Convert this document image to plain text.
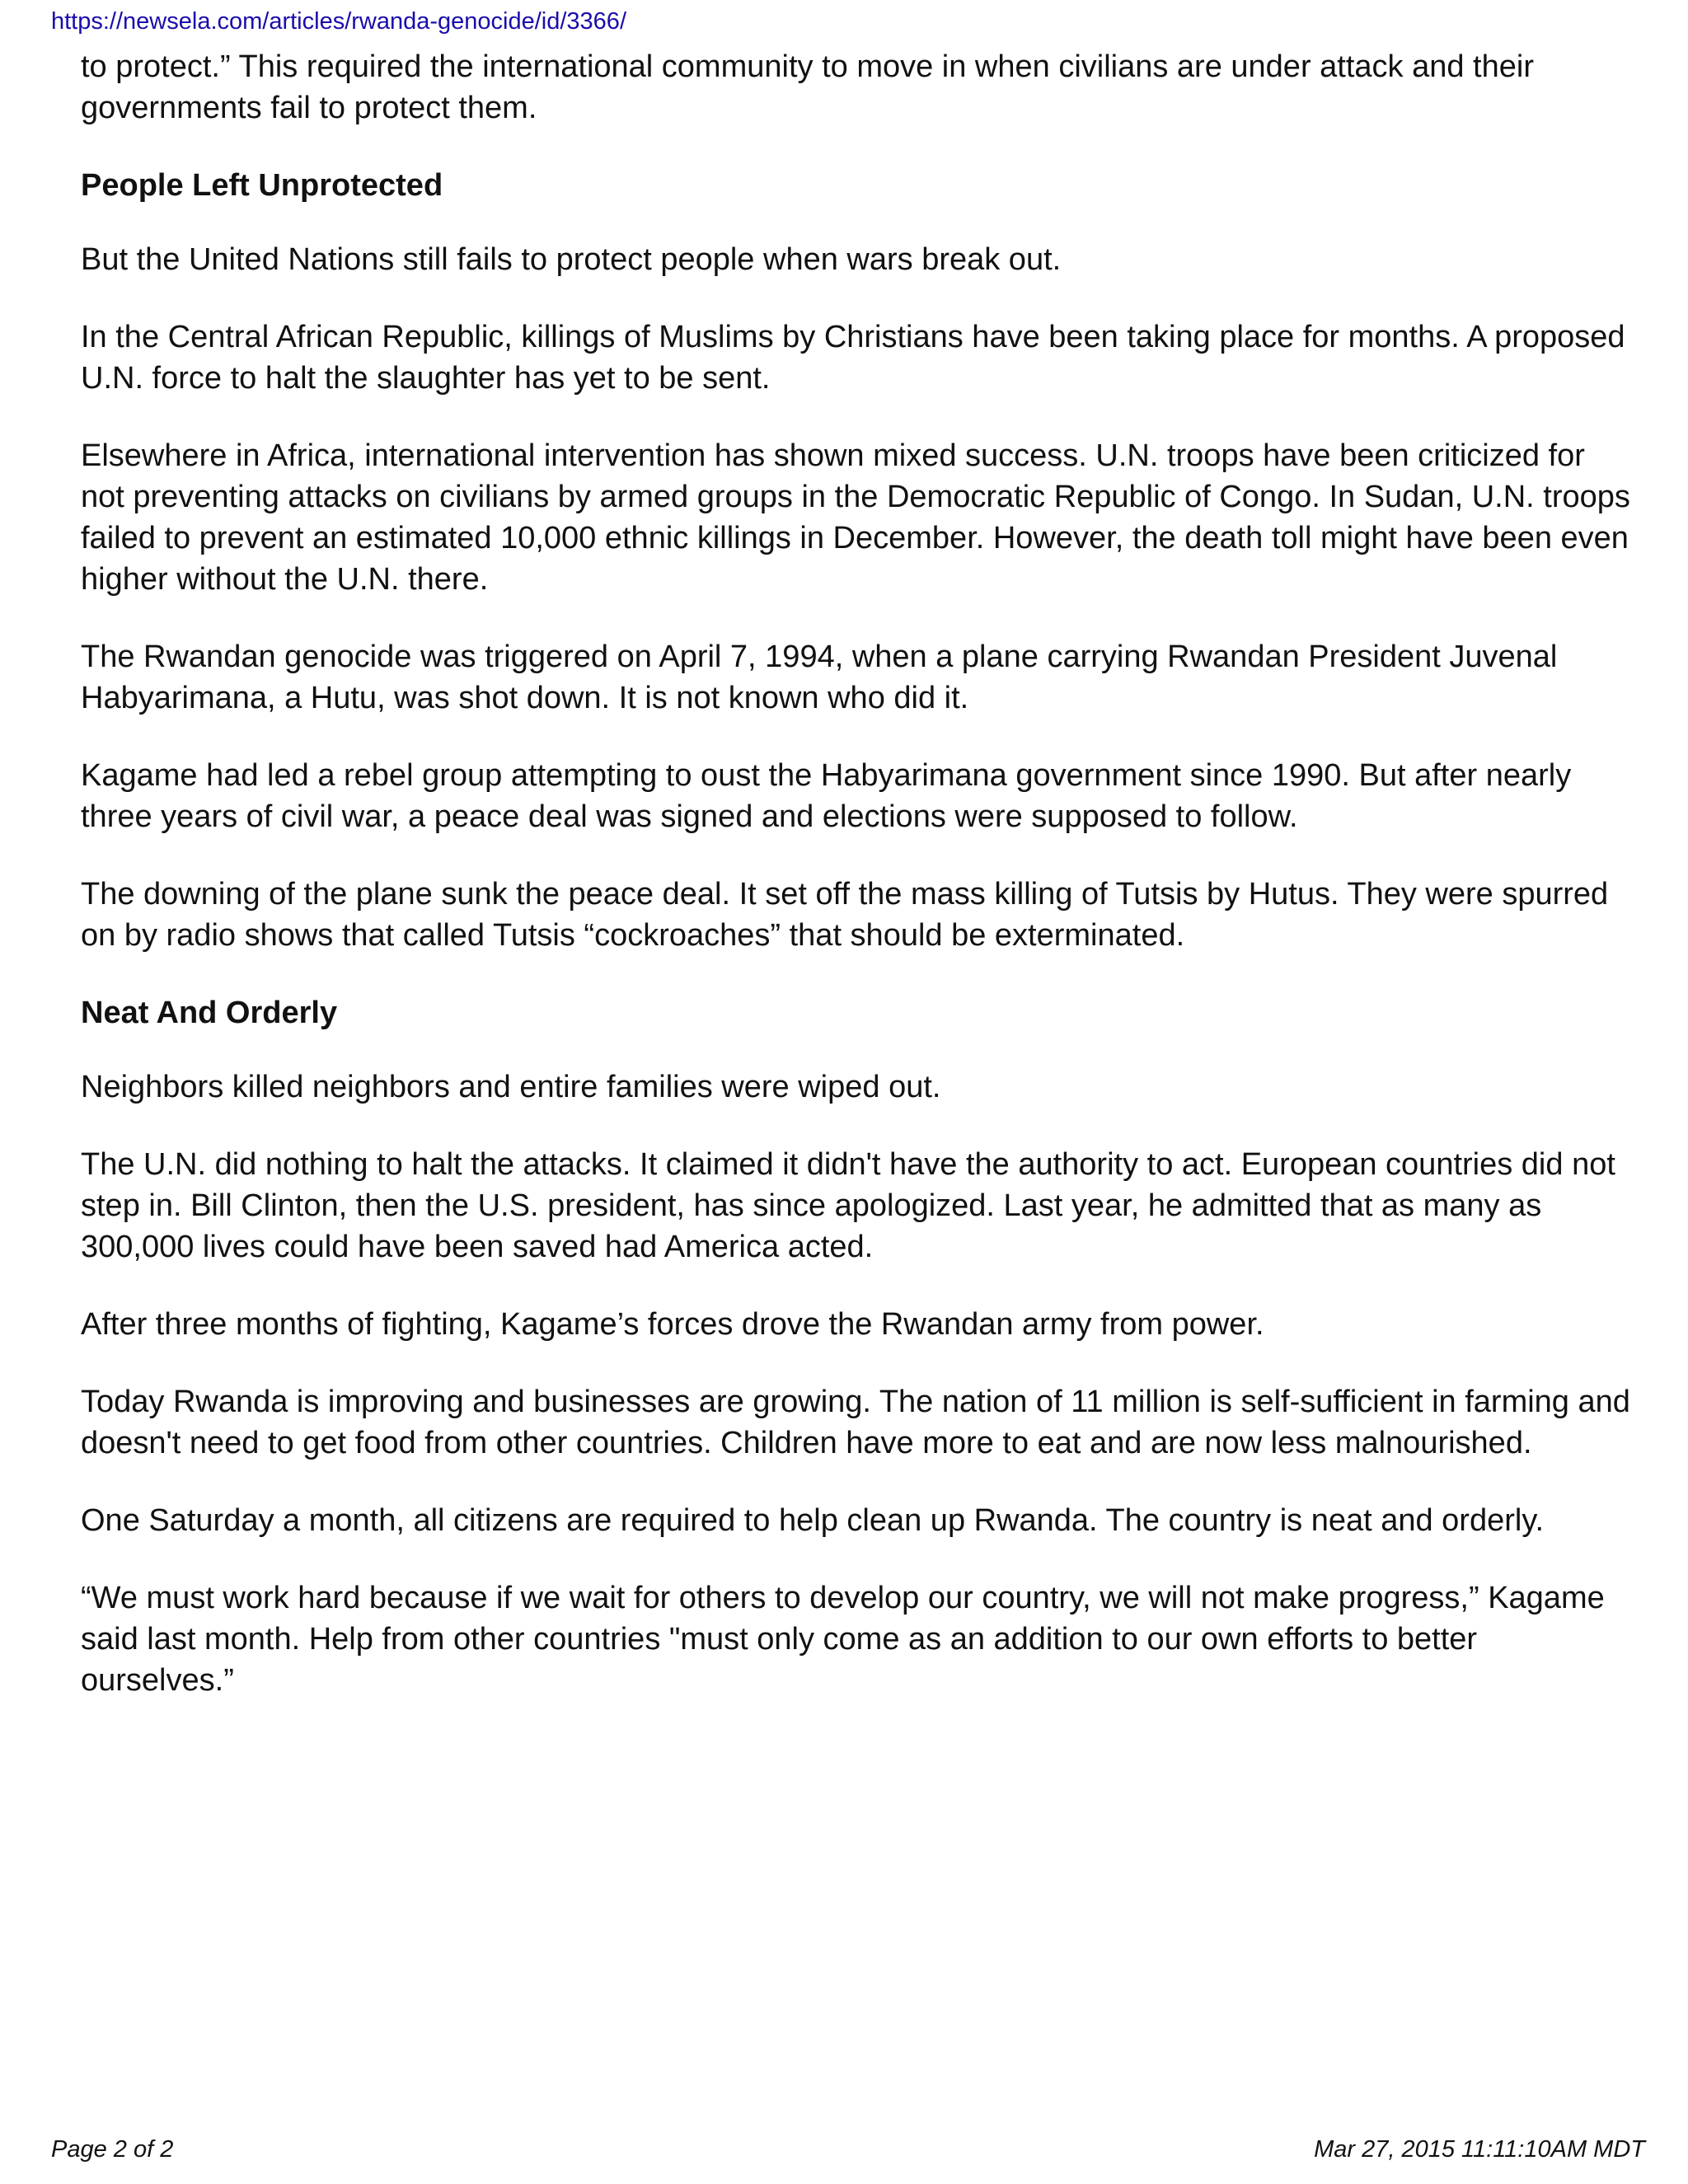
https://newsela.com/articles/rwanda-genocide/id/3366/

to protect.” This required the international community to move in when civilians are under attack and their governments fail to protect them.

People Left Unprotected

But the United Nations still fails to protect people when wars break out.

In the Central African Republic, killings of Muslims by Christians have been taking place for months. A proposed U.N. force to halt the slaughter has yet to be sent.

Elsewhere in Africa, international intervention has shown mixed success. U.N. troops have been criticized for not preventing attacks on civilians by armed groups in the Democratic Republic of Congo. In Sudan, U.N. troops failed to prevent an estimated 10,000 ethnic killings in December. However, the death toll might have been even higher without the U.N. there.

The Rwandan genocide was triggered on April 7, 1994, when a plane carrying Rwandan President Juvenal Habyarimana, a Hutu, was shot down. It is not known who did it.

Kagame had led a rebel group attempting to oust the Habyarimana government since 1990. But after nearly three years of civil war, a peace deal was signed and elections were supposed to follow.

The downing of the plane sunk the peace deal. It set off the mass killing of Tutsis by Hutus. They were spurred on by radio shows that called Tutsis “cockroaches” that should be exterminated.

Neat And Orderly

Neighbors killed neighbors and entire families were wiped out.

The U.N. did nothing to halt the attacks. It claimed it didn't have the authority to act. European countries did not step in. Bill Clinton, then the U.S. president, has since apologized. Last year, he admitted that as many as 300,000 lives could have been saved had America acted.

After three months of fighting, Kagame’s forces drove the Rwandan army from power.

Today Rwanda is improving and businesses are growing. The nation of 11 million is self-sufficient in farming and doesn't need to get food from other countries. Children have more to eat and are now less malnourished.

One Saturday a month, all citizens are required to help clean up Rwanda. The country is neat and orderly.

“We must work hard because if we wait for others to develop our country, we will not make progress,” Kagame said last month. Help from other countries "must only come as an addition to our own efforts to better ourselves.”

Page 2 of 2	Mar 27, 2015 11:11:10AM MDT
